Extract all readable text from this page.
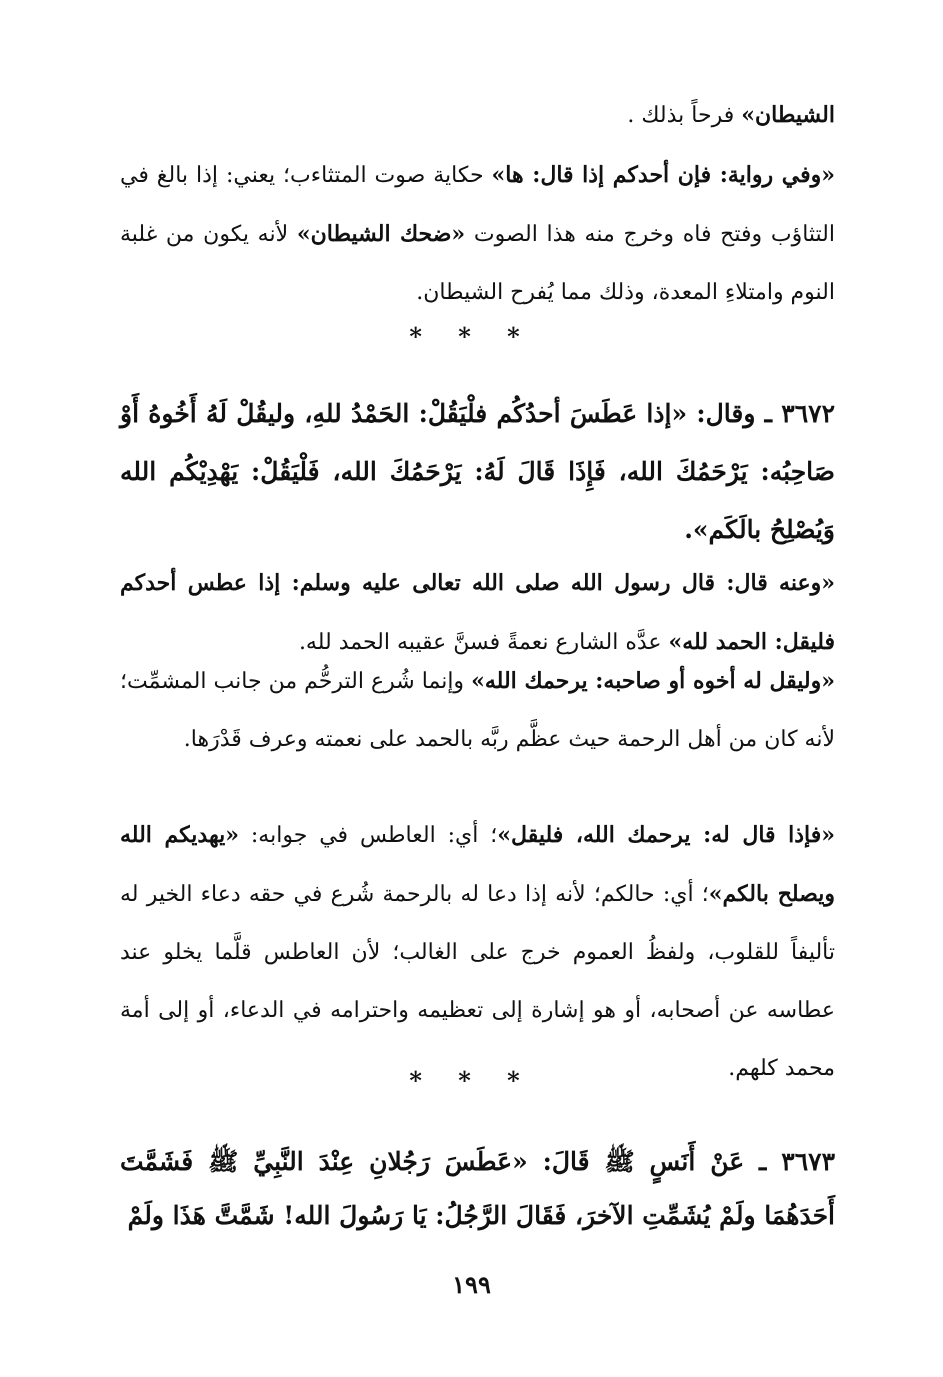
الشيطان» فرحاً بذلك .
«وفي رواية: فإن أحدكم إذا قال: ها» حكاية صوت المتثاءب؛ يعني: إذا بالغ في التثاؤب وفتح فاه وخرج منه هذا الصوت «ضحك الشيطان» لأنه يكون من غلبة النوم وامتلاءِ المعدة، وذلك مما يُفرح الشيطان.
* * *
٣٦٧٢ ـ وقال: «إذا عَطَسَ أحدُكُم فلْيَقُلْ: الحَمْدُ للهِ، وليقُلْ لَهُ أَخُوهُ أَوْ صَاحِبُه: يَرْحَمُكَ الله، فَإِذَا قَالَ لَهُ: يَرْحَمُكَ الله، فَلْيَقُلْ: يَهْدِيْكُم الله وَيُصْلِحُ بالَكَم».
«وعنه قال: قال رسول الله صلى الله تعالى عليه وسلم: إذا عطس أحدكم فليقل: الحمد لله» عدَّه الشارع نعمةً فسنَّ عقيبه الحمد لله.
«وليقل له أخوه أو صاحبه: يرحمك الله» وإنما شُرع الترحُّم من جانب المشمِّت؛ لأنه كان من أهل الرحمة حيث عظَّم ربَّه بالحمد على نعمته وعرف قَدْرَها.
«فإذا قال له: يرحمك الله، فليقل»؛ أي: العاطس في جوابه: «يهديكم الله ويصلح بالكم»؛ أي: حالكم؛ لأنه إذا دعا له بالرحمة شُرع في حقه دعاء الخير له تأليفاً للقلوب، ولفظُ العموم خرج على الغالب؛ لأن العاطس قلَّما يخلو عند عطاسه عن أصحابه، أو هو إشارة إلى تعظيمه واحترامه في الدعاء، أو إلى أمة محمد كلهم.
* * *
٣٦٧٣ ـ عَنْ أَنَسٍ ﷺ قَالَ: «عَطَسَ رَجُلانِ عِنْدَ النَّبِيِّ ﷺ فَشَمَّتَ أَحَدَهُمَا ولَمْ يُشَمِّتِ الآخرَ، فَقَالَ الرَّجُلُ: يَا رَسُولَ الله! شَمَّتَّ هَذَا ولَمْ
١٩٩
